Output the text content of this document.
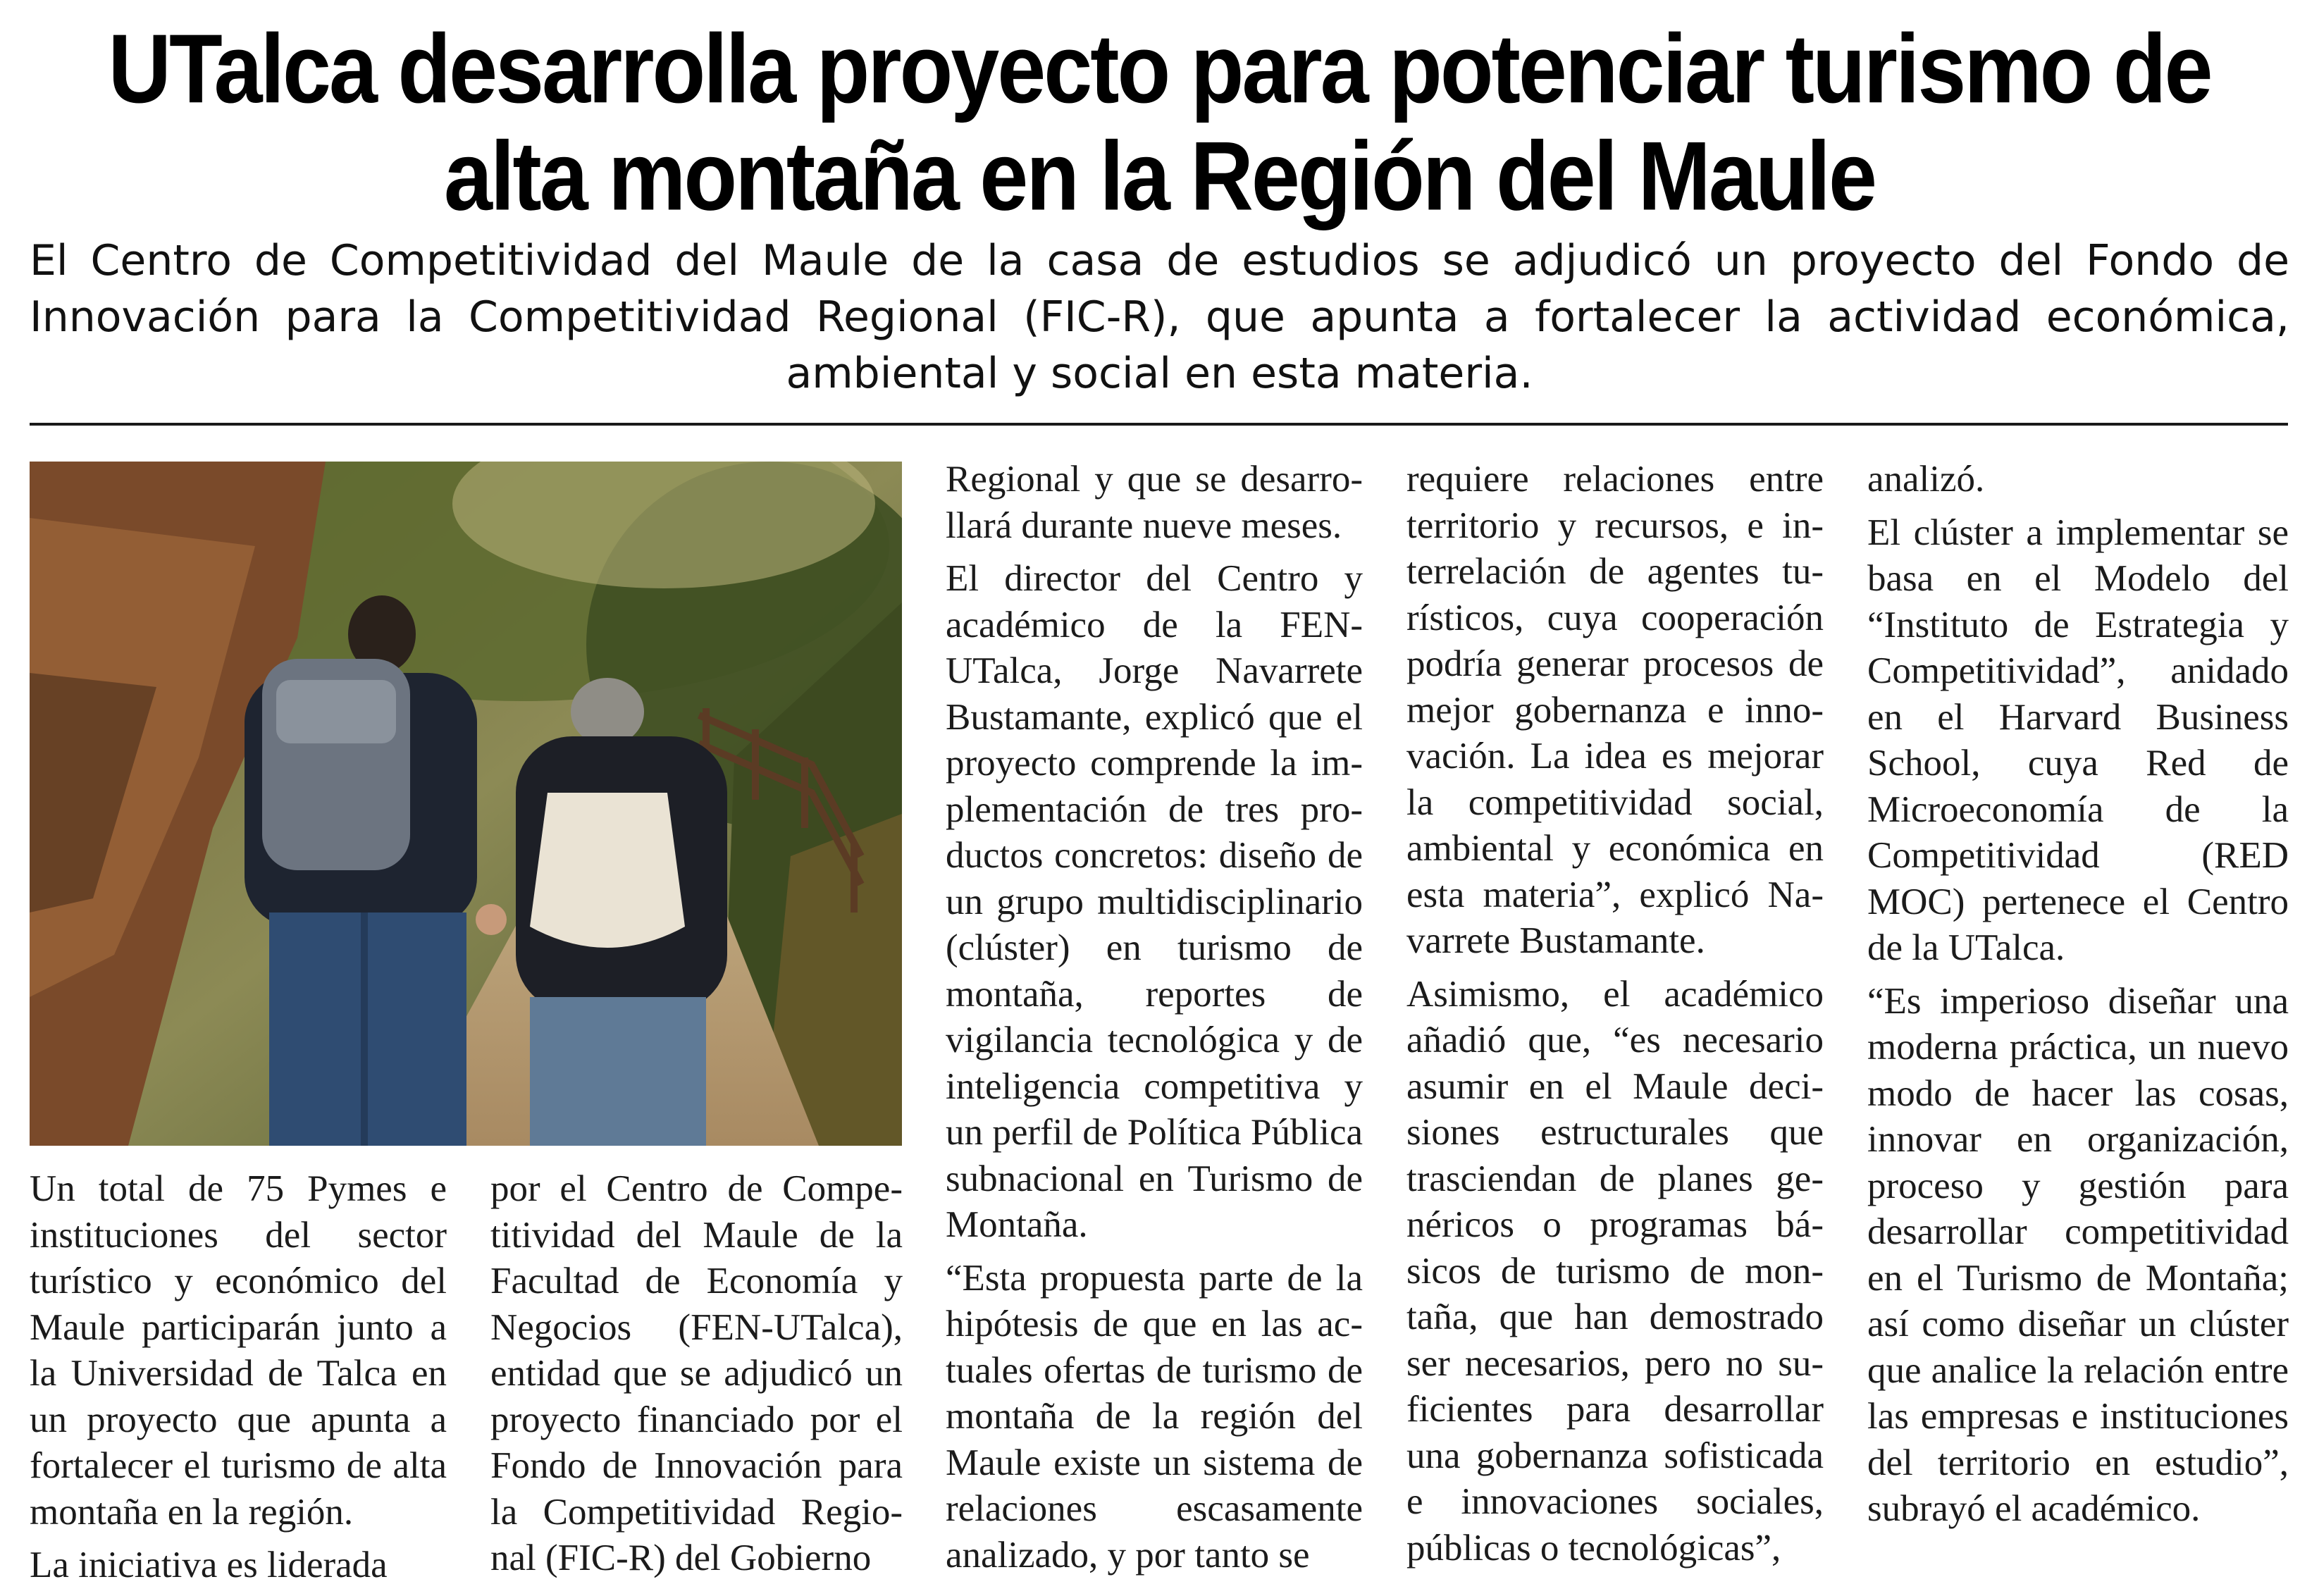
UTalca desarrolla proyecto para potenciar turismo de alta montaña en la Región del Maule
El Centro de Competitividad del Maule de la casa de estudios se adjudicó un proyecto del Fondo de Innovación para la Competitividad Regional (FIC-R), que apunta a fortalecer la actividad económica, ambiental y social en esta materia.

Un total de 75 Pymes e instituciones del sector turístico y económico del Maule participarán junto a la Universidad de Talca en un proyecto que apunta a fortalecer el turismo de alta montaña en la región.

La iniciativa es liderada

por el Centro de Competitividad del Maule de la Facultad de Economía y Negocios (FEN-UTalca), entidad que se adjudicó un proyecto financiado por el Fondo de Innovación para la Competitividad Regional (FIC-R) del Gobierno

Regional y que se desarrollará durante nueve meses.

El director del Centro y académico de la FEN-UTalca, Jorge Navarrete Bustamante, explicó que el proyecto comprende la implementación de tres productos concretos: diseño de un grupo multidisciplinario (clúster) en turismo de montaña, reportes de vigilancia tecnológica y de inteligencia competitiva y un perfil de Política Pública subnacional en Turismo de Montaña.

“Esta propuesta parte de la hipótesis de que en las actuales ofertas de turismo de montaña de la región del Maule existe un sistema de relaciones escasamente analizado, y por tanto se

requiere relaciones entre territorio y recursos, e interrelación de agentes turísticos, cuya cooperación podría generar procesos de mejor gobernanza e innovación. La idea es mejorar la competitividad social, ambiental y económica en esta materia”, explicó Navarrete Bustamante.

Asimismo, el académico añadió que, “es necesario asumir en el Maule decisiones estructurales que trasciendan de planes genéricos o programas básicos de turismo de montaña, que han demostrado ser necesarios, pero no suficientes para desarrollar una gobernanza sofisticada e innovaciones sociales, públicas o tecnológicas”,

analizó.

El clúster a implementar se basa en el Modelo del “Instituto de Estrategia y Competitividad”, anidado en el Harvard Business School, cuya Red de Microeconomía de la Competitividad (RED MOC) pertenece el Centro de la UTalca.

“Es imperioso diseñar una moderna práctica, un nuevo modo de hacer las cosas, innovar en organización, proceso y gestión para desarrollar competitividad en el Turismo de Montaña; así como diseñar un clúster que analice la relación entre las empresas e instituciones del territorio en estudio”, subrayó el académico.
